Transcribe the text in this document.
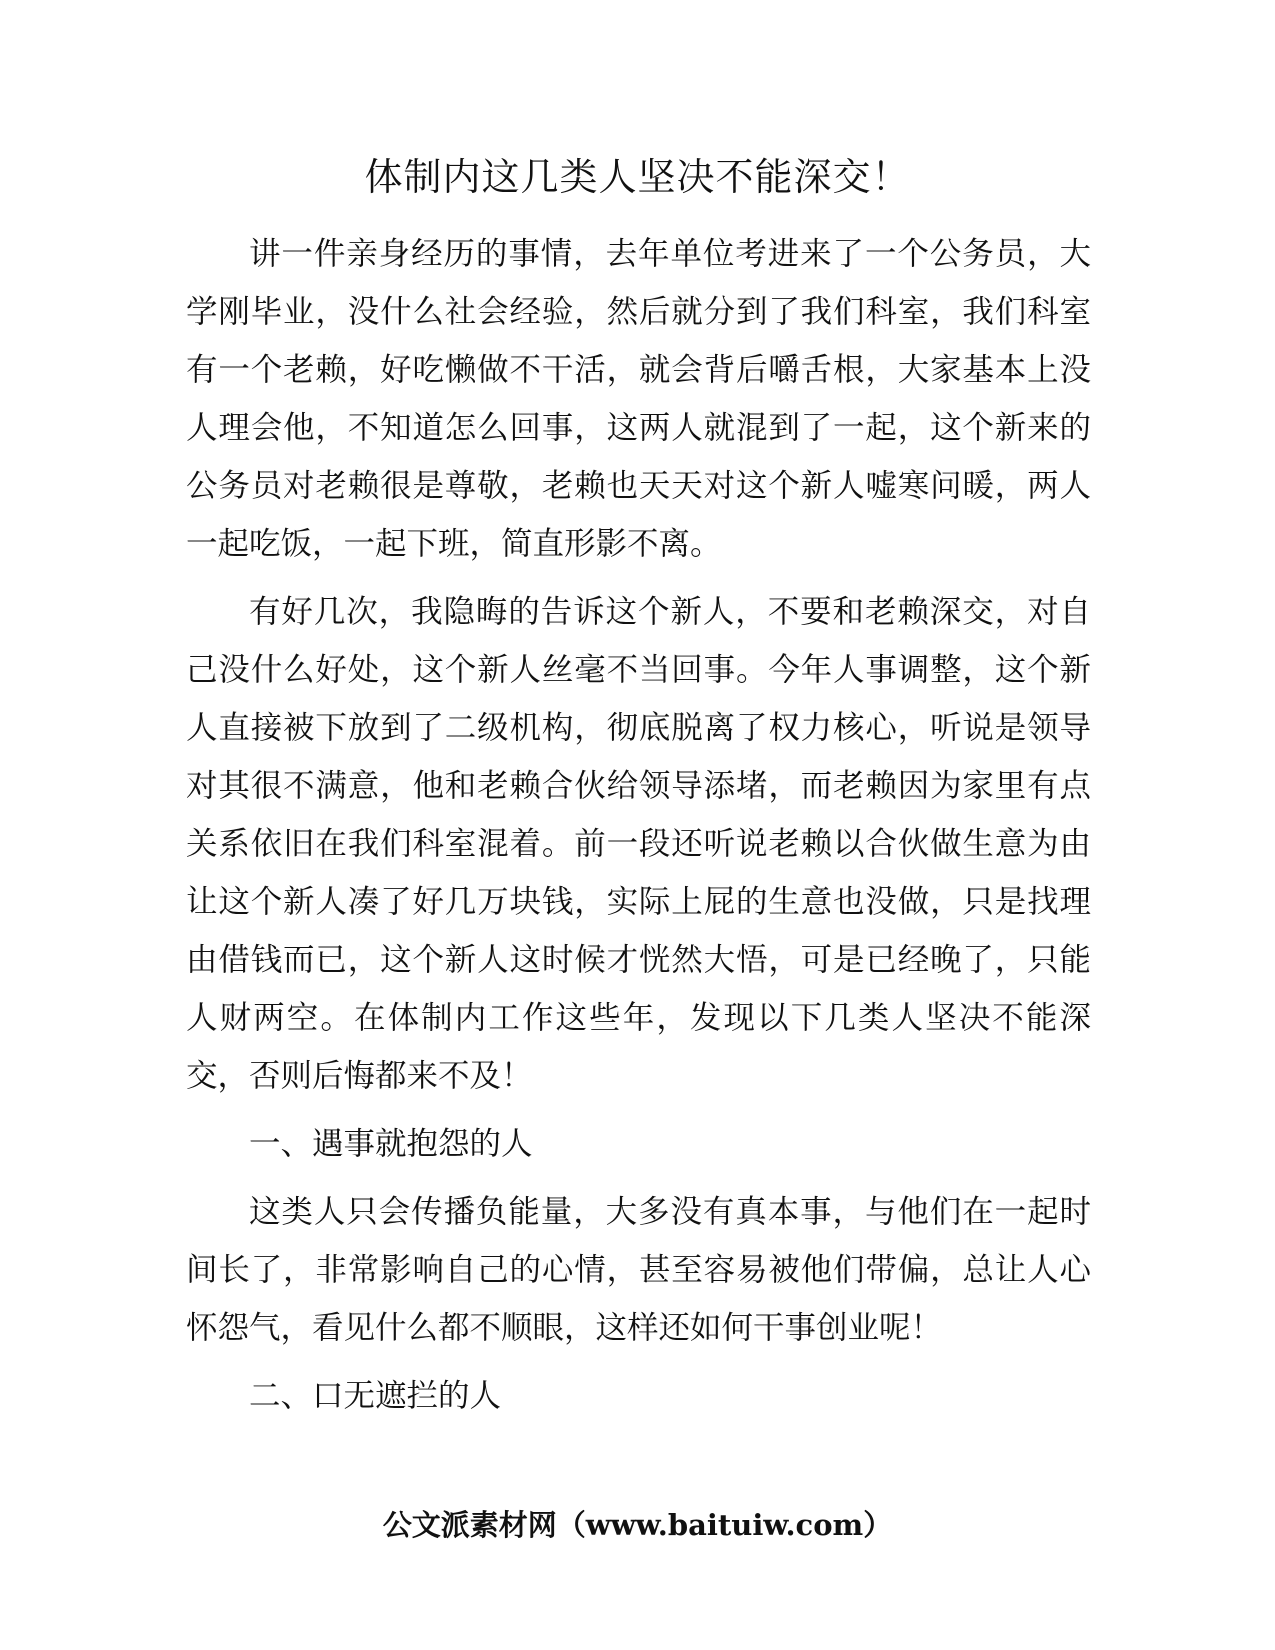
体制内这几类人坚决不能深交！

讲一件亲身经历的事情，去年单位考进来了一个公务员，大学刚毕业，没什么社会经验，然后就分到了我们科室，我们科室有一个老赖，好吃懒做不干活，就会背后嚼舌根，大家基本上没人理会他，不知道怎么回事，这两人就混到了一起，这个新来的公务员对老赖很是尊敬，老赖也天天对这个新人嘘寒问暖，两人一起吃饭，一起下班，简直形影不离。

有好几次，我隐晦的告诉这个新人，不要和老赖深交，对自己没什么好处，这个新人丝毫不当回事。今年人事调整，这个新人直接被下放到了二级机构，彻底脱离了权力核心，听说是领导对其很不满意，他和老赖合伙给领导添堵，而老赖因为家里有点关系依旧在我们科室混着。前一段还听说老赖以合伙做生意为由让这个新人凑了好几万块钱，实际上屁的生意也没做，只是找理由借钱而已，这个新人这时候才恍然大悟，可是已经晚了，只能人财两空。在体制内工作这些年，发现以下几类人坚决不能深交，否则后悔都来不及！

一、遇事就抱怨的人

这类人只会传播负能量，大多没有真本事，与他们在一起时间长了，非常影响自己的心情，甚至容易被他们带偏，总让人心怀怨气，看见什么都不顺眼，这样还如何干事创业呢！

二、口无遮拦的人

公文派素材网（www.baituiw.com）
